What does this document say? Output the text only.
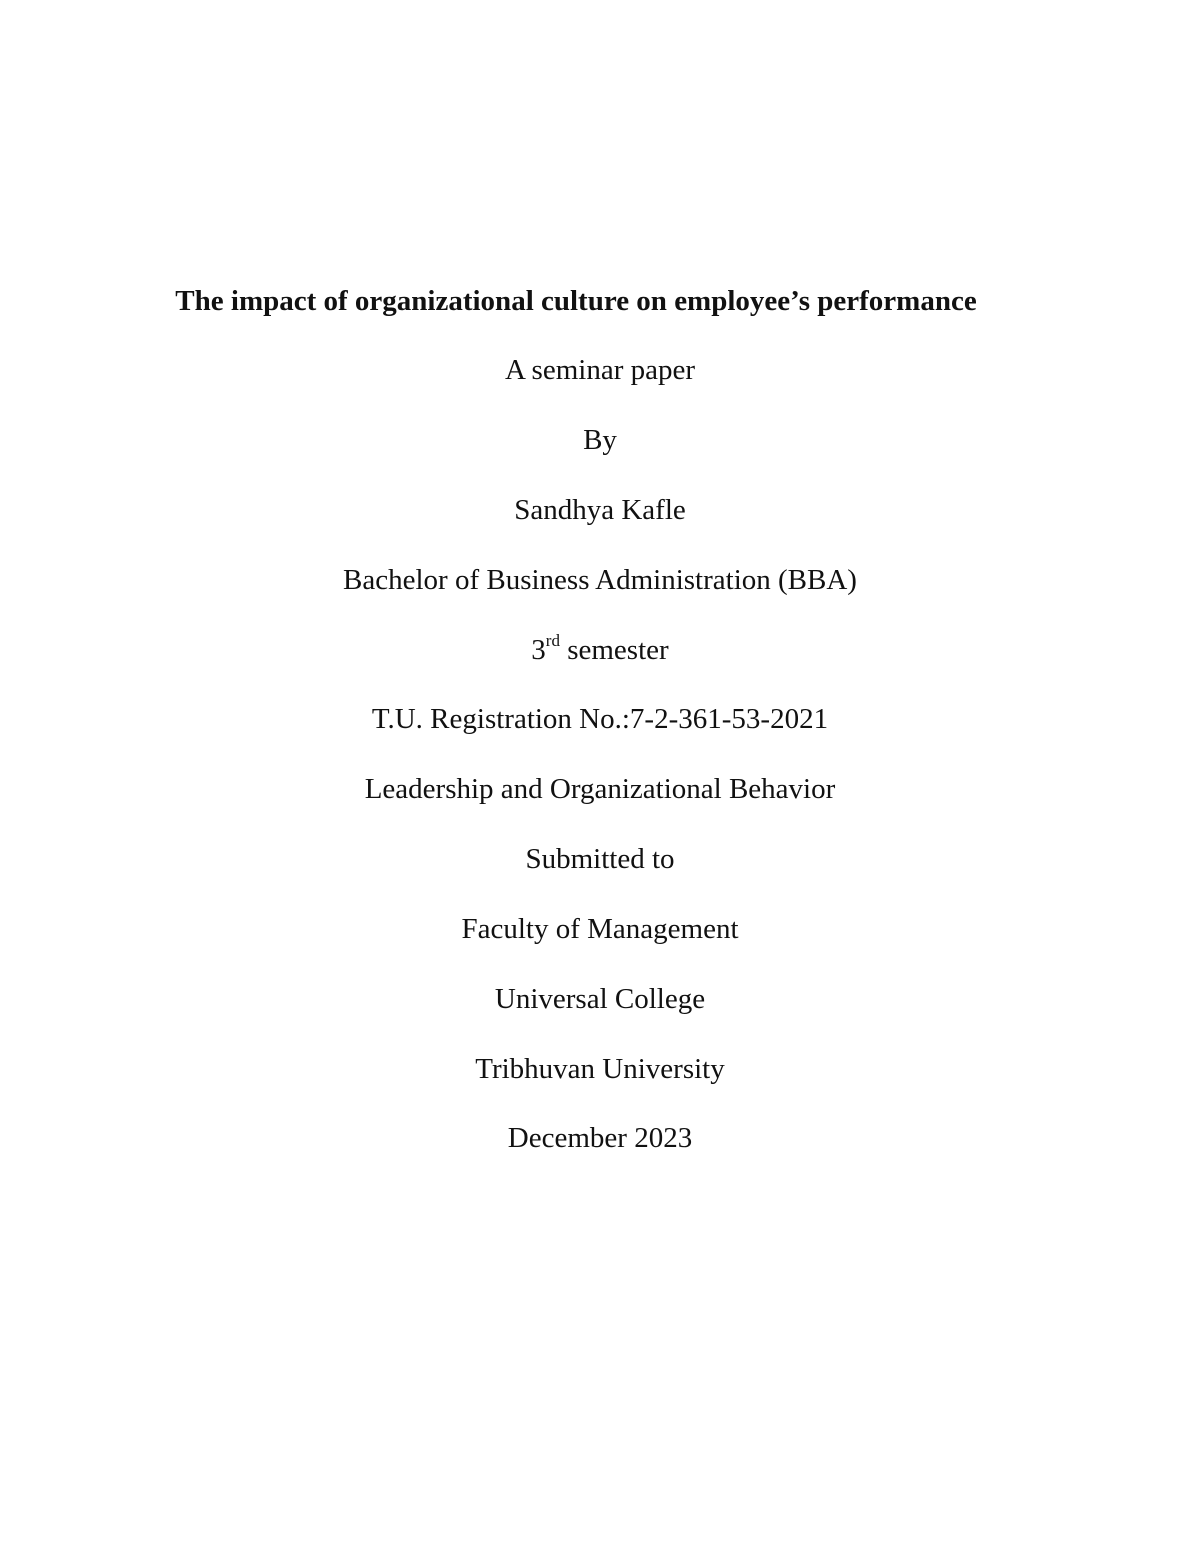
The impact of organizational culture on employee’s performance

A seminar paper

By

Sandhya Kafle

Bachelor of Business Administration (BBA)

3rd semester

T.U. Registration No.:7-2-361-53-2021

Leadership and Organizational Behavior

Submitted to

Faculty of Management

Universal College

Tribhuvan University

December 2023
